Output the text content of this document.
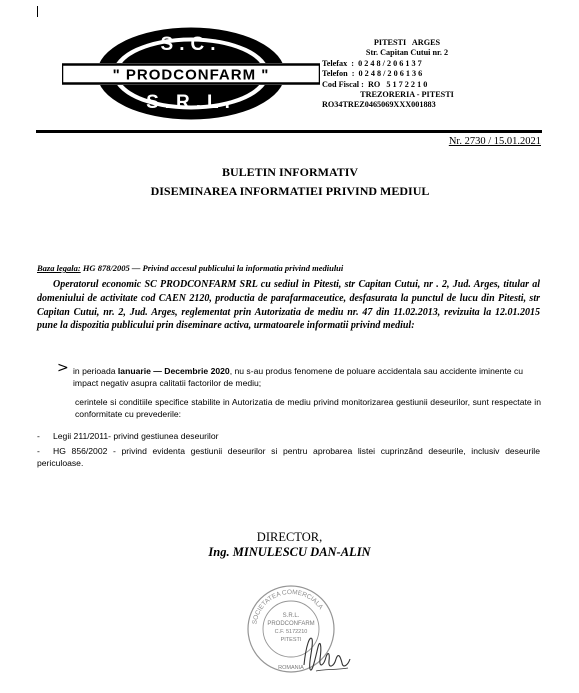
S.C.
" PRODCONFARM "
S.R.L.
PITESTI   ARGES
Str. Capitan Cutui nr. 2
Telefax  :  0 2 4 8 / 2 0 6 1 3 7
Telefon  :  0 2 4 8 / 2 0 6 1 3 6
Cod Fiscal :  RO   5 1 7 2 2 1 0
TREZORERIA - PITESTI
RO34TREZ0465069XXX001883
Nr. 2730 / 15.01.2021
BULETIN INFORMATIV
DISEMINAREA INFORMATIEI PRIVIND MEDIUL
Baza legala: HG 878/2005 — Privind accesul publicului la informatia privind mediului
Operatorul economic SC PRODCONFARM SRL cu sediul in Pitesti, str Capitan Cutui, nr . 2, Jud. Arges, titular al domeniului de activitate cod CAEN 2120, productia de parafarmaceutice, desfasurata la punctul de lucu din Pitesti, str Capitan Cutui, nr. 2, Jud. Arges, reglementat prin Autorizatia de mediu nr. 47 din 11.02.2013, revizuita la 12.01.2015 pune la dispozitia publicului prin diseminare activa, urmatoarele informatii privind mediul:
> in perioada Ianuarie — Decembrie 2020, nu s-au produs fenomene de poluare accidentala sau accidente iminente cu impact negativ asupra calitatii factorilor de mediu;
cerintele si conditiile specifice stabilite in Autorizatia de mediu privind monitorizarea gestiunii deseurilor, sunt respectate in conformitate cu prevederile:
- Legii 211/2011- privind gestiunea deseurilor
- HG 856/2002 - privind evidenta gestiunii deseurilor si pentru aprobarea listei cuprinzând deseurile, inclusiv deseurile periculoase.
DIRECTOR,
Ing. MINULESCU DAN-ALIN
SOCIETATEA COMERCIALA
S.R.L.
PRODCONFARM
C.F. 5172210
PITESTI
ROMANIA
